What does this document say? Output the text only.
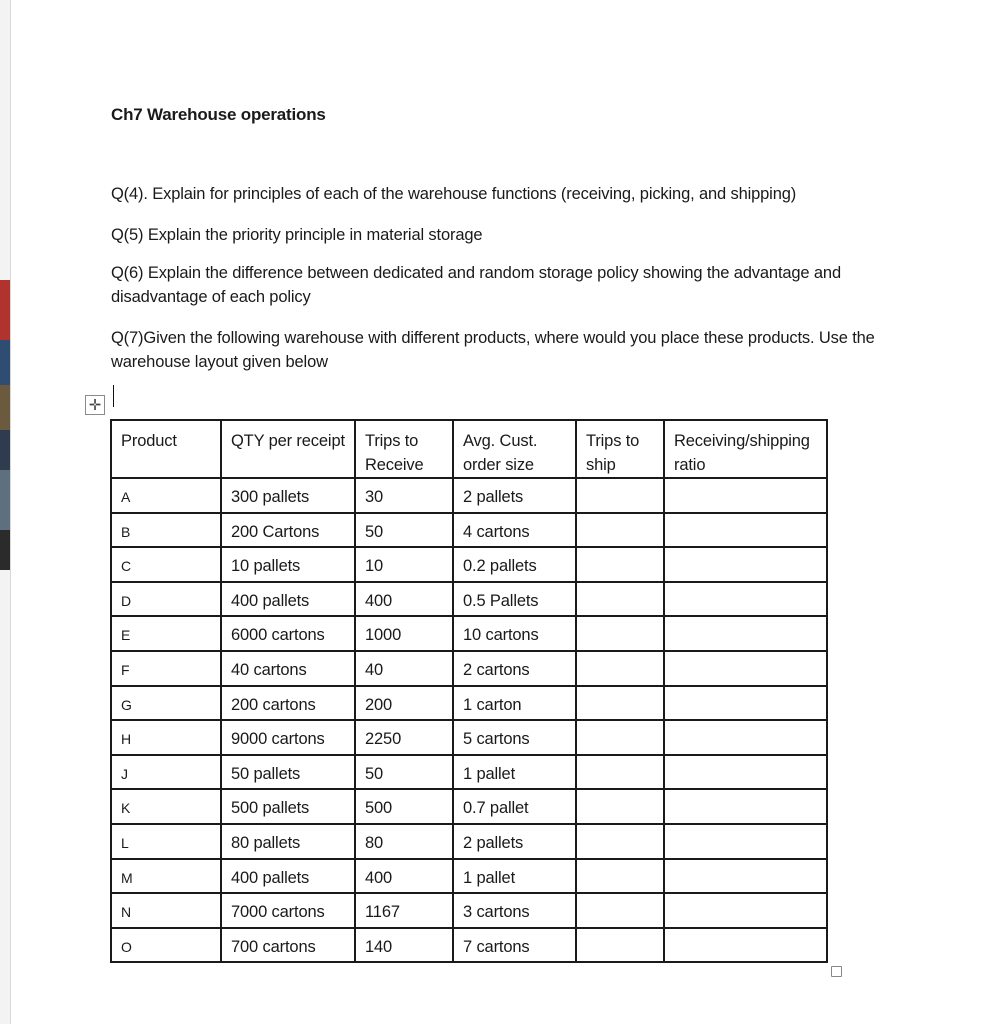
Ch7 Warehouse operations
Q(4). Explain for principles of each of the warehouse functions (receiving, picking, and shipping)
Q(5) Explain the priority principle in material storage
Q(6) Explain the difference between dedicated and random storage policy showing the advantage and disadvantage of each policy
Q(7)Given the following warehouse with different products, where would you place these products. Use the warehouse layout given below
✛
Product	QTY per receipt	Trips to Receive	Avg. Cust. order size	Trips to ship	Receiving/shipping ratio
A	300 pallets	30	2 pallets		
B	200 Cartons	50	4 cartons		
C	10 pallets	10	0.2 pallets		
D	400 pallets	400	0.5 Pallets		
E	6000 cartons	1000	10 cartons		
F	40 cartons	40	2 cartons		
G	200 cartons	200	1 carton		
H	9000 cartons	2250	5 cartons		
J	50 pallets	50	1 pallet		
K	500 pallets	500	0.7 pallet		
L	80 pallets	80	2 pallets		
M	400 pallets	400	1 pallet		
N	7000 cartons	1167	3 cartons		
O	700 cartons	140	7 cartons		
